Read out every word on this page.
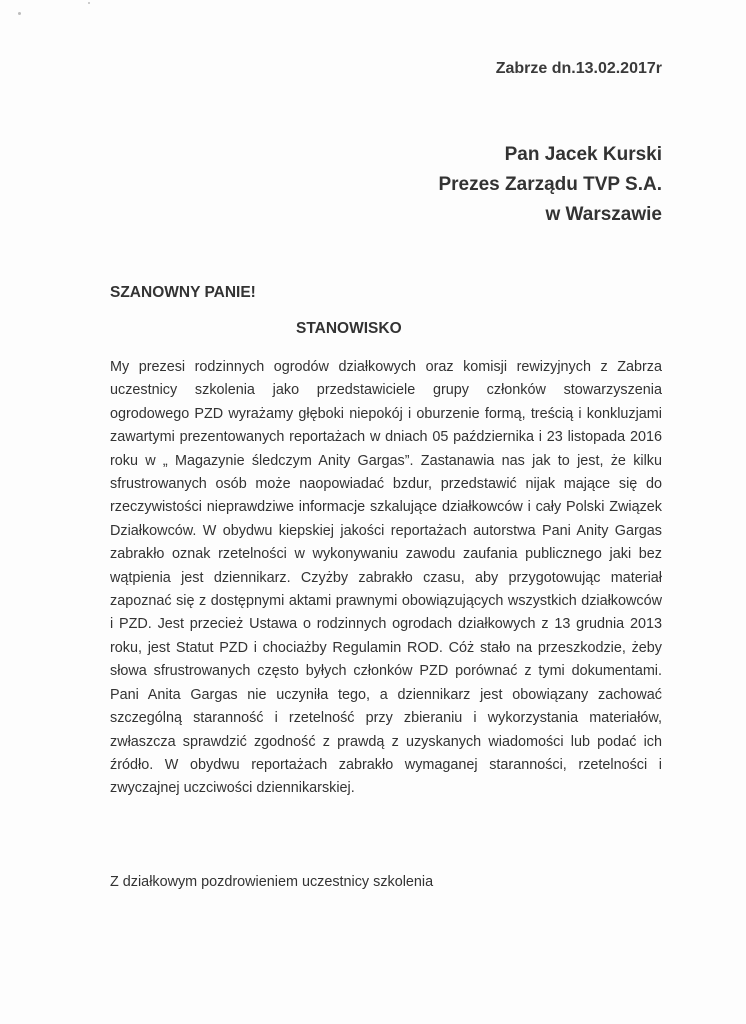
Zabrze dn.13.02.2017r
Pan Jacek Kurski
Prezes Zarządu TVP S.A.
w Warszawie
SZANOWNY PANIE!
STANOWISKO
My prezesi rodzinnych ogrodów działkowych oraz komisji rewizyjnych z Zabrza uczestnicy szkolenia jako przedstawiciele grupy członków stowarzyszenia ogrodowego PZD wyrażamy głęboki niepokój i oburzenie formą, treścią i konkluzjami zawartymi prezentowanych reportażach w dniach 05 października i 23 listopada 2016 roku w „ Magazynie śledczym Anity Gargas”. Zastanawia nas jak to jest, że kilku sfrustrowanych osób może naopowiadać bzdur, przedstawić nijak mające się do rzeczywistości nieprawdziwe informacje szkalujące działkowców i cały Polski Związek Działkowców. W obydwu kiepskiej jakości reportażach autorstwa Pani Anity Gargas zabrakło oznak rzetelności w wykonywaniu zawodu zaufania publicznego jaki bez wątpienia jest dziennikarz. Czyżby zabrakło czasu, aby przygotowując materiał zapoznać się z dostępnymi aktami prawnymi obowiązujących wszystkich działkowców i PZD. Jest przecież Ustawa o rodzinnych ogrodach działkowych z 13 grudnia 2013 roku, jest Statut PZD i chociażby Regulamin ROD. Cóż stało na przeszkodzie, żeby słowa sfrustrowanych często byłych członków PZD porównać z tymi dokumentami. Pani Anita Gargas nie uczyniła tego, a dziennikarz jest obowiązany zachować szczególną staranność i rzetelność przy zbieraniu i wykorzystania materiałów, zwłaszcza sprawdzić zgodność z prawdą z uzyskanych wiadomości lub podać ich źródło. W obydwu reportażach zabrakło wymaganej staranności, rzetelności i zwyczajnej uczciwości dziennikarskiej.
Z działkowym pozdrowieniem uczestnicy szkolenia
